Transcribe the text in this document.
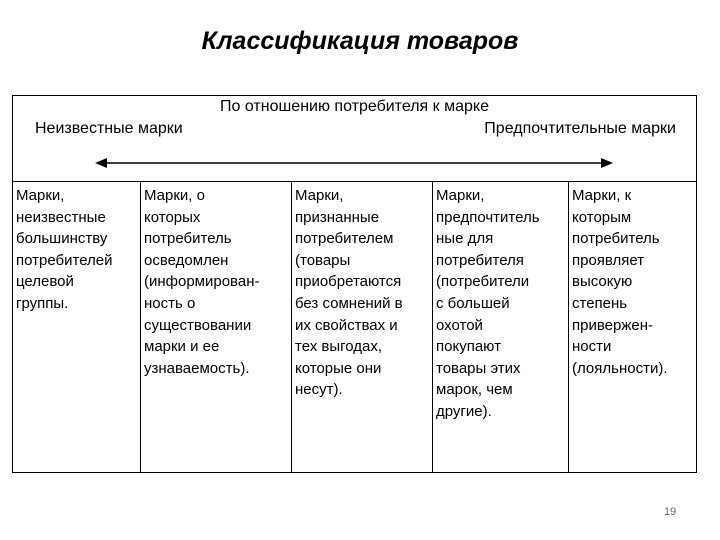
Классификация товаров
По отношению потребителя к марке
Неизвестные марки	Предпочтительные марки
Марки,
неизвестные
большинству
потребителей
целевой
группы.
Марки, о
которых
потребитель
осведомлен
(информирован-
ность о
существовании
марки и ее
узнаваемость).
Марки,
признанные
потребителем
(товары
приобретаются
без сомнений в
их свойствах и
тех выгодах,
которые они
несут).
Марки,
предпочтитель
ные для
потребителя
(потребители
с большей
охотой
покупают
товары этих
марок, чем
другие).
Марки, к
которым
потребитель
проявляет
высокую
степень
привержен-
ности
(лояльности).
19
